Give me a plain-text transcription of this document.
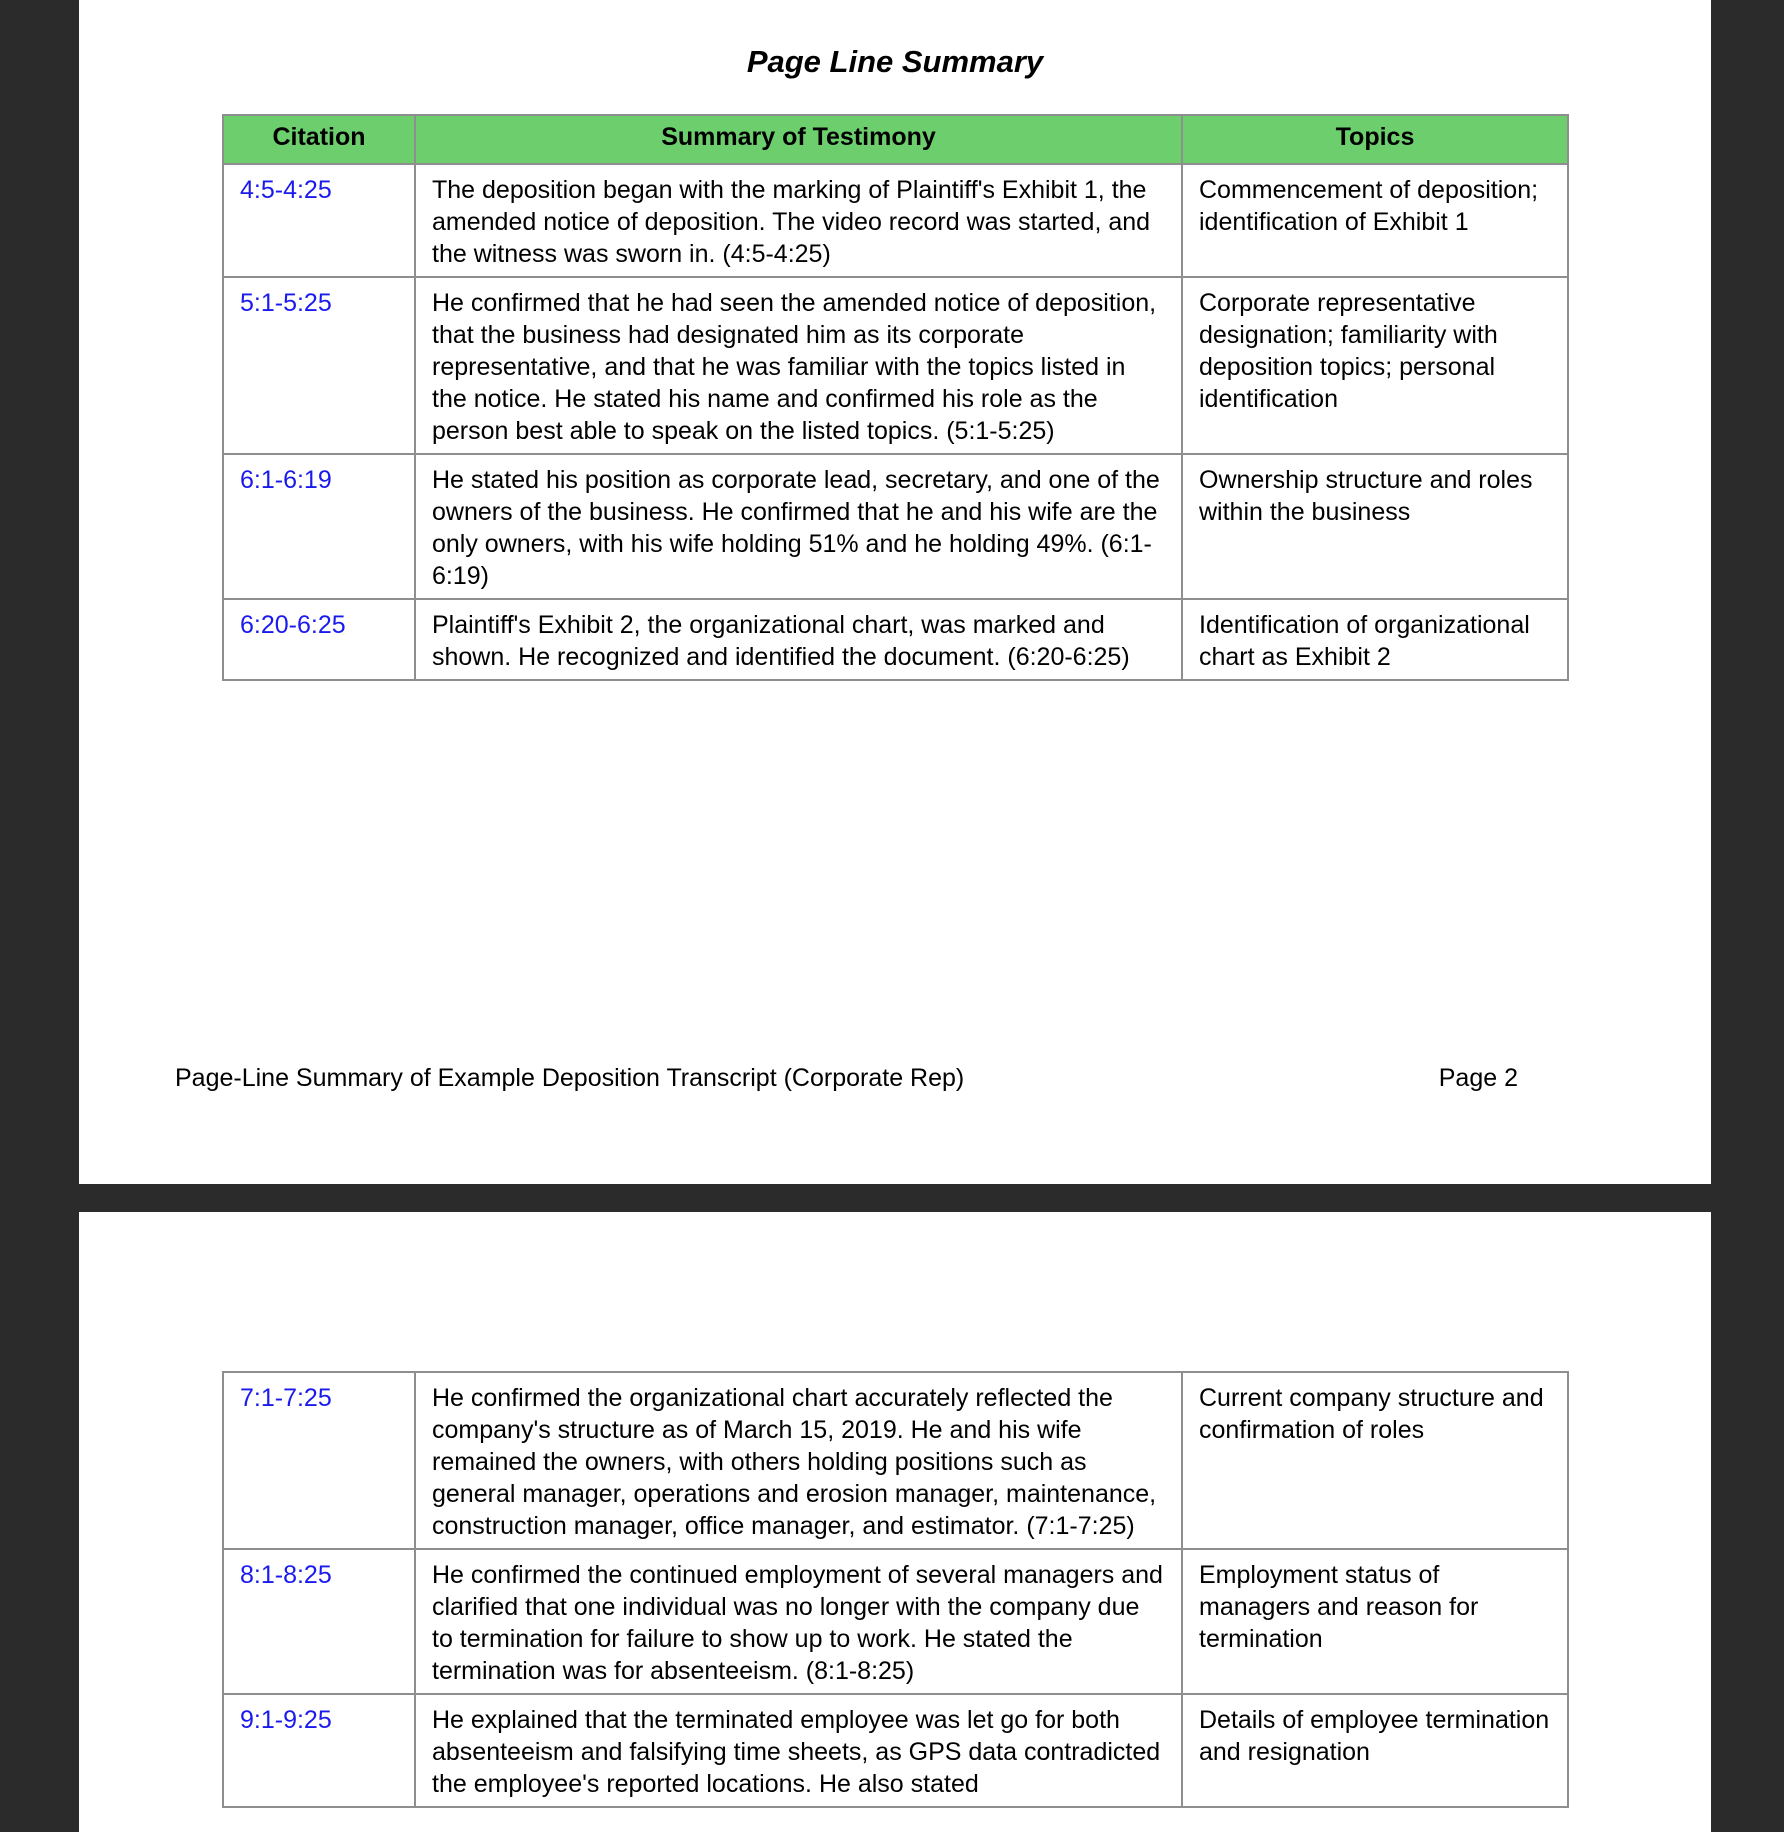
Page Line Summary
Citation	Summary of Testimony	Topics
4:5-4:25	The deposition began with the marking of Plaintiff's Exhibit 1, the amended notice of deposition. The video record was started, and the witness was sworn in. (4:5-4:25)	Commencement of deposition; identification of Exhibit 1
5:1-5:25	He confirmed that he had seen the amended notice of deposition, that the business had designated him as its corporate representative, and that he was familiar with the topics listed in the notice. He stated his name and confirmed his role as the person best able to speak on the listed topics. (5:1-5:25)	Corporate representative designation; familiarity with deposition topics; personal identification
6:1-6:19	He stated his position as corporate lead, secretary, and one of the owners of the business. He confirmed that he and his wife are the only owners, with his wife holding 51% and he holding 49%. (6:1-6:19)	Ownership structure and roles within the business
6:20-6:25	Plaintiff's Exhibit 2, the organizational chart, was marked and shown. He recognized and identified the document. (6:20-6:25)	Identification of organizational chart as Exhibit 2
Page-Line Summary of Example Deposition Transcript (Corporate Rep)	Page 2
7:1-7:25	He confirmed the organizational chart accurately reflected the company's structure as of March 15, 2019. He and his wife remained the owners, with others holding positions such as general manager, operations and erosion manager, maintenance, construction manager, office manager, and estimator. (7:1-7:25)	Current company structure and confirmation of roles
8:1-8:25	He confirmed the continued employment of several managers and clarified that one individual was no longer with the company due to termination for failure to show up to work. He stated the termination was for absenteeism. (8:1-8:25)	Employment status of managers and reason for termination
9:1-9:25	He explained that the terminated employee was let go for both absenteeism and falsifying time sheets, as GPS data contradicted the employee's reported locations. He also stated	Details of employee termination and resignation
